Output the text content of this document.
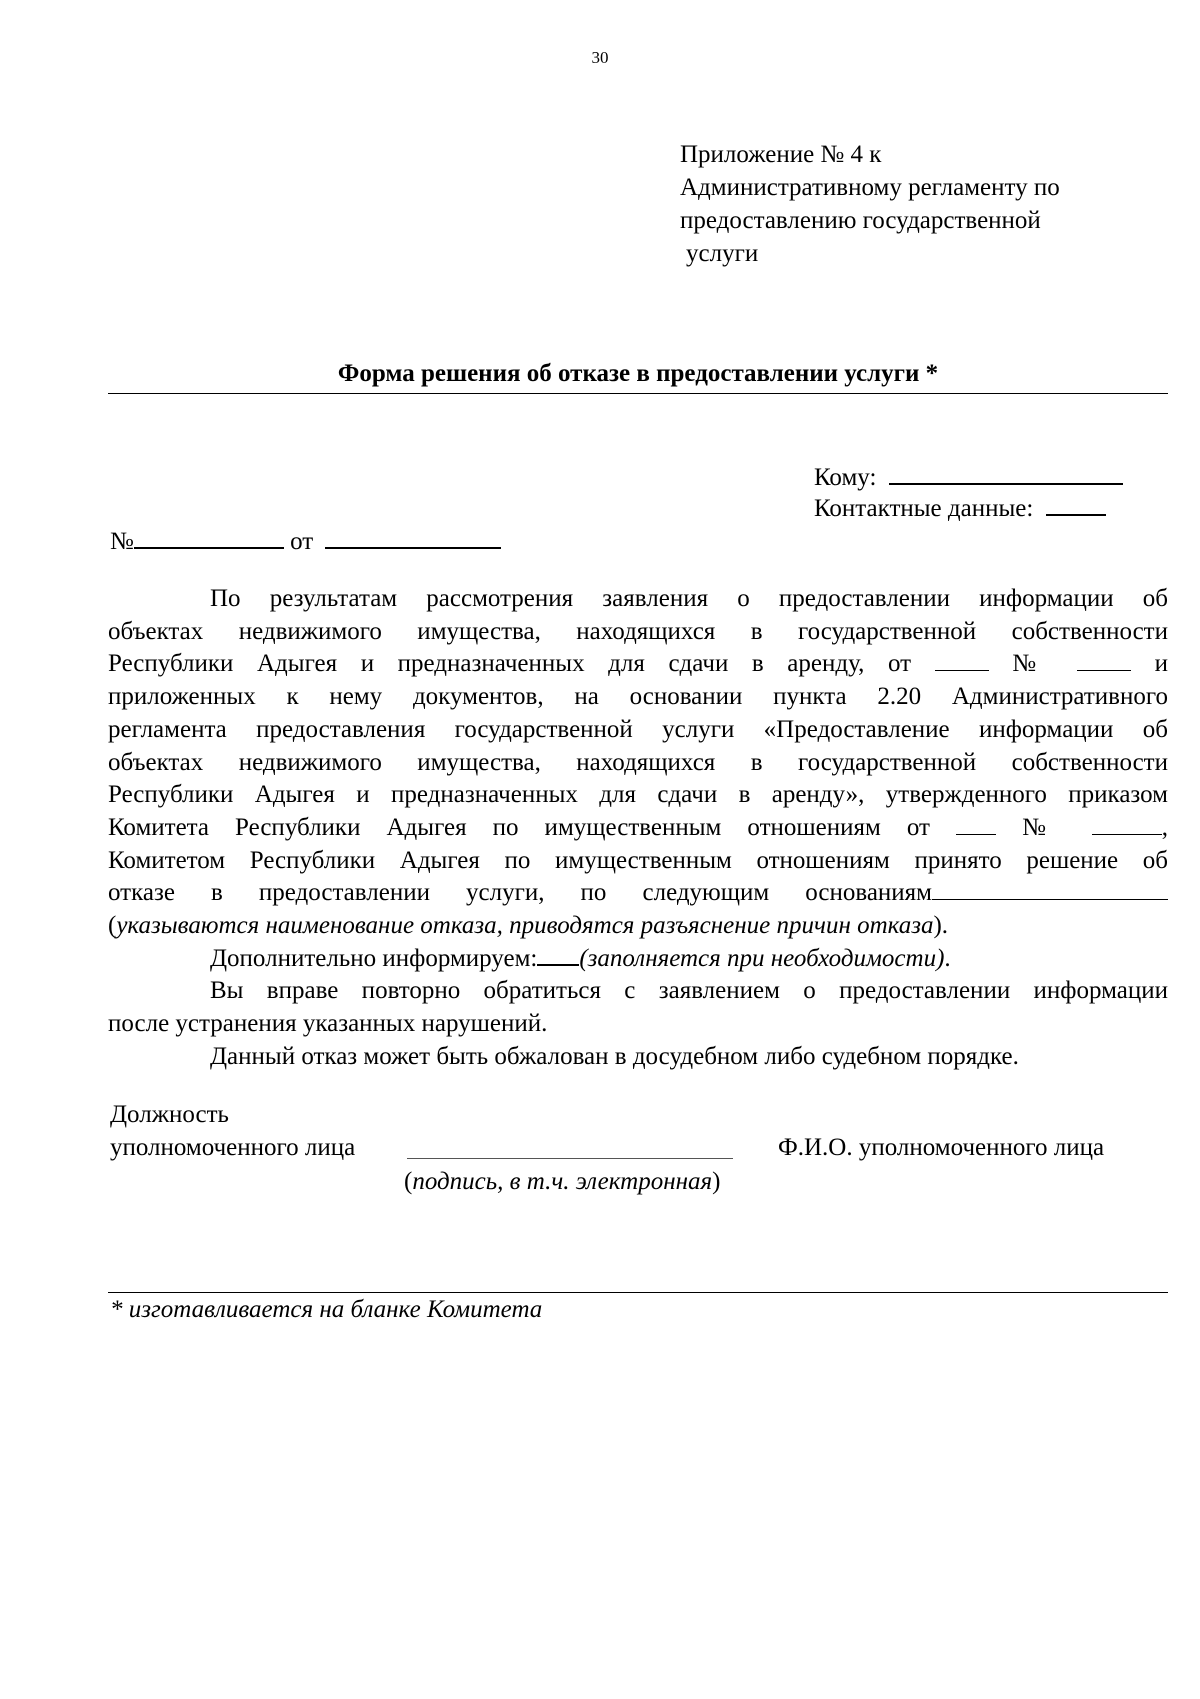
30
Приложение № 4 к
Административному регламенту по
предоставлению государственной
услуги
Форма решения об отказе в предоставлении услуги *
Кому:
Контактные данные:
№	от

По результатам рассмотрения заявления о предоставлении информации об

объектах недвижимого имущества, находящихся в государственной собственности

Республики Адыгея и предназначенных для сдачи в аренду, от	№	и

приложенных к нему документов, на основании пункта 2.20 Административного

регламента предоставления государственной услуги «Предоставление информации об

объектах недвижимого имущества, находящихся в государственной собственности

Республики Адыгея и предназначенных для сдачи в аренду», утвержденного приказом

Комитета Республики Адыгея по имущественным отношениям от	№	,

Комитетом Республики Адыгея по имущественным отношениям принято решение об

отказе в предоставлении услуги, по следующим основаниям

(указываются наименование отказа, приводятся разъяснение причин отказа).

Дополнительно информируем: (заполняется при необходимости).

Вы вправе повторно обратиться с заявлением о предоставлении информации

после устранения указанных нарушений.

Данный отказ может быть обжалован в досудебном либо судебном порядке.

Должность
уполномоченного лица	Ф.И.О. уполномоченного лица
(подпись, в т.ч. электронная)
* изготавливается на бланке Комитета
